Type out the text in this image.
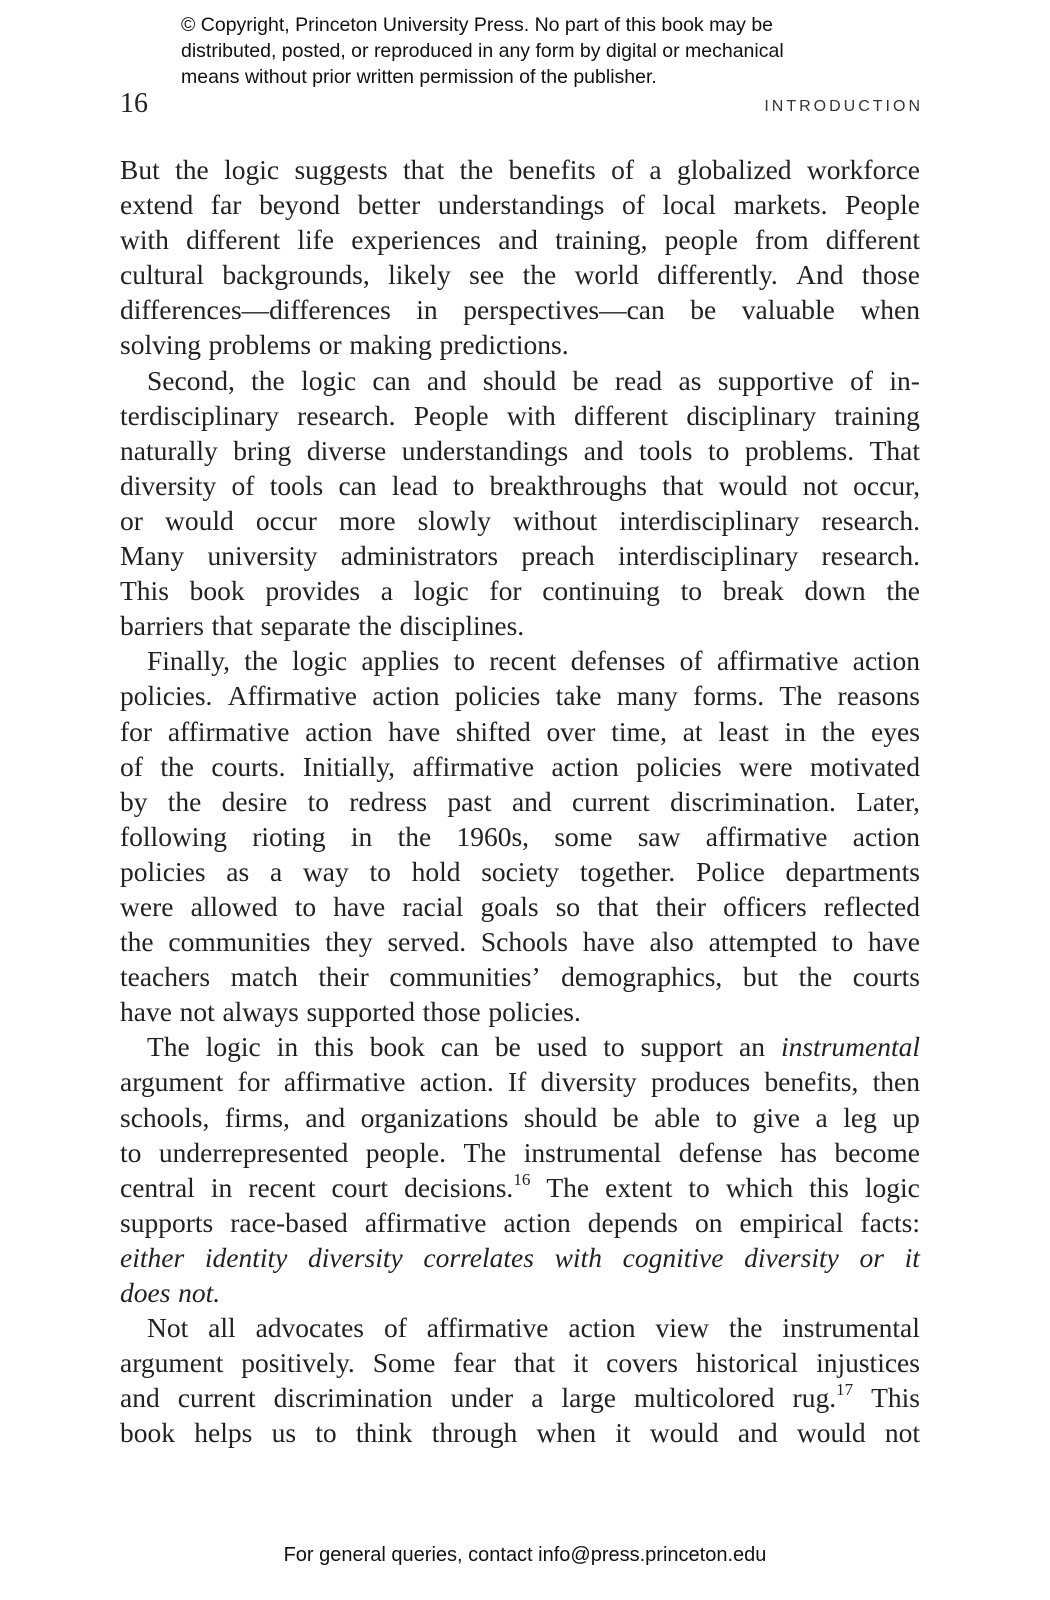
© Copyright, Princeton University Press. No part of this book may be
distributed, posted, or reproduced in any form by digital or mechanical
means without prior written permission of the publisher.
16	INTRODUCTION
But the logic suggests that the benefits of a globalized workforce
extend far beyond better understandings of local markets. People
with different life experiences and training, people from different
cultural backgrounds, likely see the world differently. And those
differences—differences in perspectives—can be valuable when
solving problems or making predictions.
Second, the logic can and should be read as supportive of in-
terdisciplinary research. People with different disciplinary training
naturally bring diverse understandings and tools to problems. That
diversity of tools can lead to breakthroughs that would not occur,
or would occur more slowly without interdisciplinary research.
Many university administrators preach interdisciplinary research.
This book provides a logic for continuing to break down the
barriers that separate the disciplines.
Finally, the logic applies to recent defenses of affirmative action
policies. Affirmative action policies take many forms. The reasons
for affirmative action have shifted over time, at least in the eyes
of the courts. Initially, affirmative action policies were motivated
by the desire to redress past and current discrimination. Later,
following rioting in the 1960s, some saw affirmative action
policies as a way to hold society together. Police departments
were allowed to have racial goals so that their officers reflected
the communities they served. Schools have also attempted to have
teachers match their communities’ demographics, but the courts
have not always supported those policies.
The logic in this book can be used to support an instrumental
argument for affirmative action. If diversity produces benefits, then
schools, firms, and organizations should be able to give a leg up
to underrepresented people. The instrumental defense has become
central in recent court decisions.$^{16}$ The extent to which this logic
supports race-based affirmative action depends on empirical facts:
either identity diversity correlates with cognitive diversity or it
does not.
Not all advocates of affirmative action view the instrumental
argument positively. Some fear that it covers historical injustices
and current discrimination under a large multicolored rug.$^{17}$ This
book helps us to think through when it would and would not
For general queries, contact info@press.princeton.edu
